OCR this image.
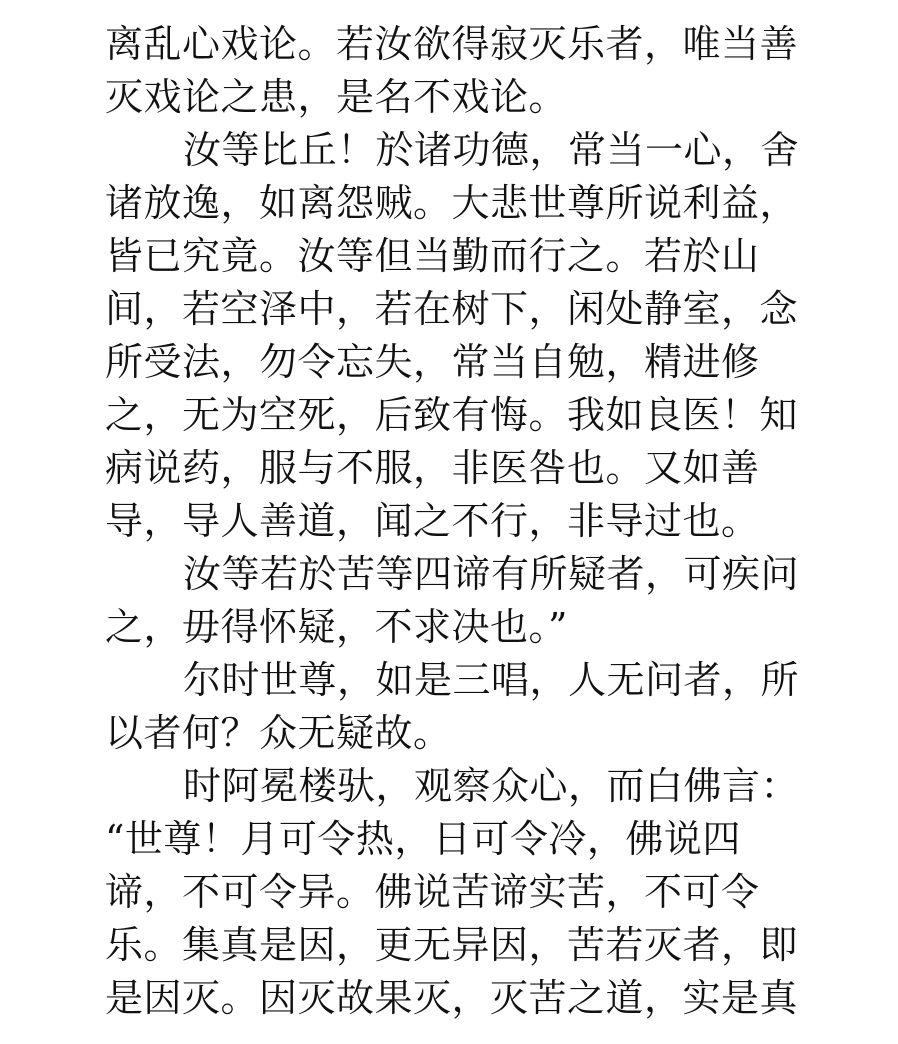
离乱心戏论。若汝欲得寂灭乐者，唯当善
灭戏论之患，是名不戏论。
汝等比丘！於诸功德，常当一心，舍
诸放逸，如离怨贼。大悲世尊所说利益，
皆已究竟。汝等但当勤而行之。若於山
间，若空泽中，若在树下，闲处静室，念
所受法，勿令忘失，常当自勉，精进修
之，无为空死，后致有悔。我如良医！知
病说药，服与不服，非医咎也。又如善
导，导人善道，闻之不行，非导过也。
汝等若於苦等四谛有所疑者，可疾问
之，毋得怀疑，不求决也。”
尔时世尊，如是三唱，人无问者，所
以者何？众无疑故。
时阿冕楼驮，观察众心，而白佛言：
“世尊！月可令热，日可令冷，佛说四
谛，不可令异。佛说苦谛实苦，不可令
乐。集真是因，更无异因，苦若灭者，即
是因灭。因灭故果灭，灭苦之道，实是真
